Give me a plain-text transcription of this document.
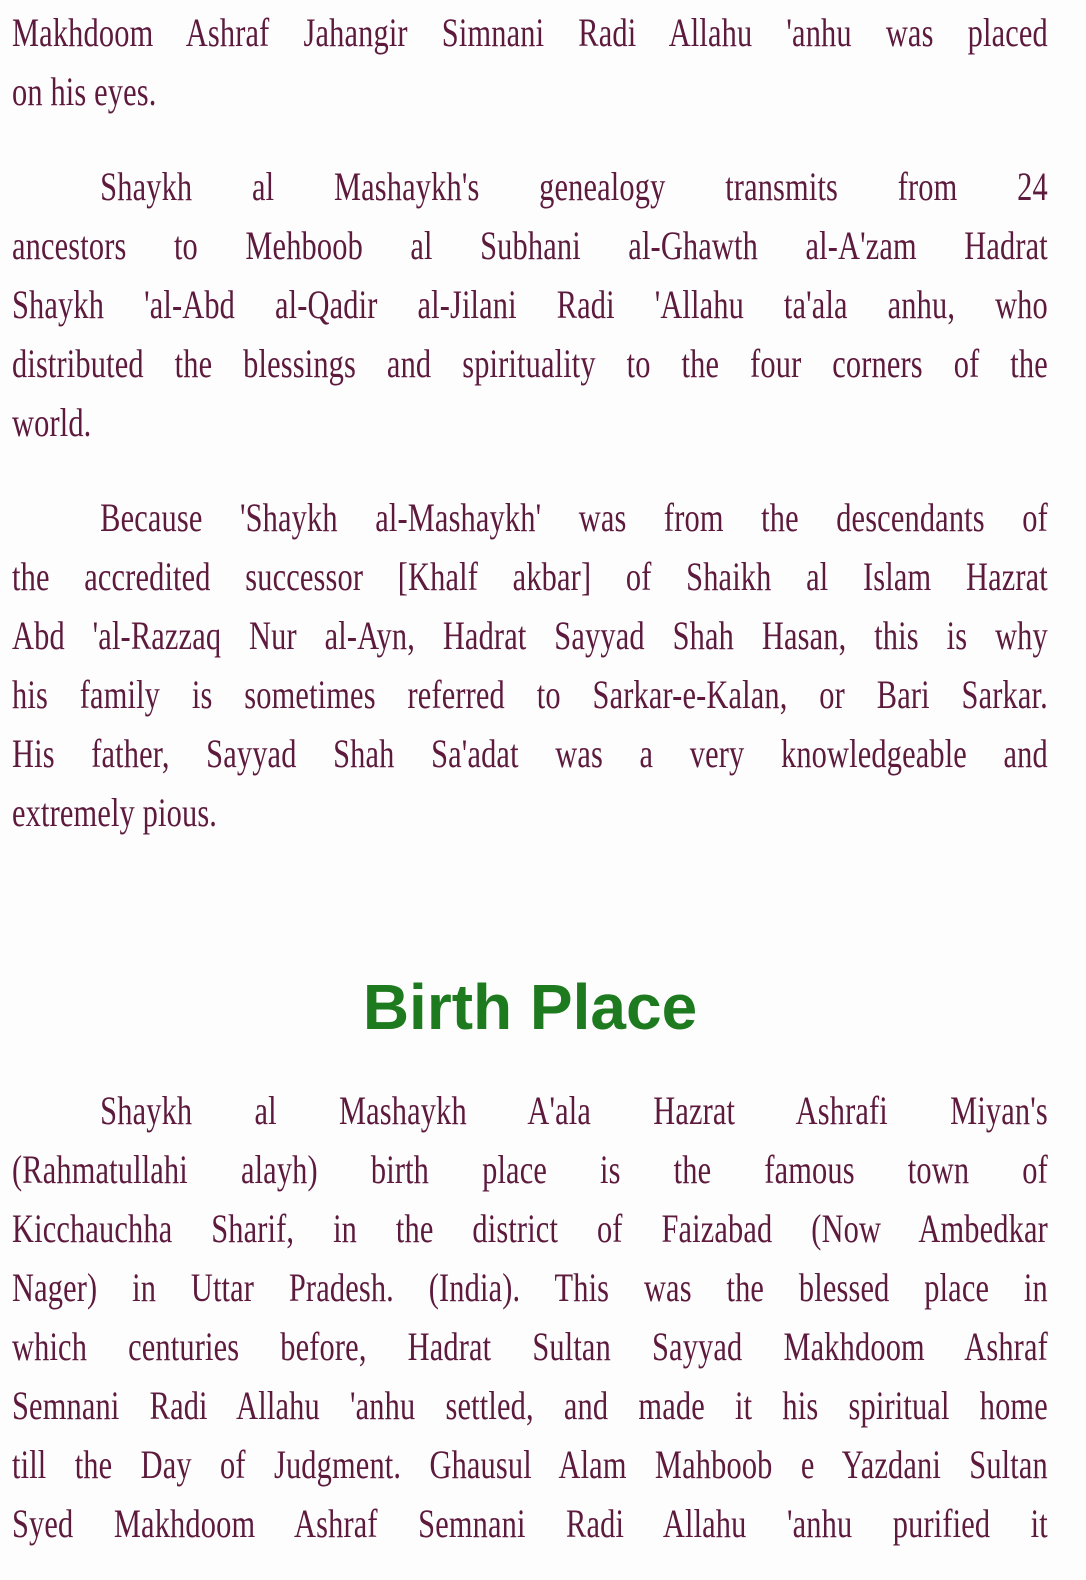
Makhdoom Ashraf Jahangir Simnani Radi Allahu 'anhu was placed
on his eyes.
Shaykh al Mashaykh's genealogy transmits from 24
ancestors to Mehboob al Subhani al-Ghawth al-A'zam Hadrat
Shaykh 'al-Abd al-Qadir al-Jilani Radi 'Allahu ta'ala anhu, who
distributed the blessings and spirituality to the four corners of the
world.
Because 'Shaykh al-Mashaykh' was from the descendants of
the accredited successor [Khalf akbar] of Shaikh al Islam Hazrat
Abd 'al-Razzaq Nur al-Ayn, Hadrat Sayyad Shah Hasan, this is why
his family is sometimes referred to Sarkar-e-Kalan, or Bari Sarkar.
His father, Sayyad Shah Sa'adat was a very knowledgeable and
extremely pious.
Birth Place
Shaykh al Mashaykh A'ala Hazrat Ashrafi Miyan's
(Rahmatullahi alayh) birth place is the famous town of
Kicchauchha Sharif, in the district of Faizabad (Now Ambedkar
Nager) in Uttar Pradesh. (India). This was the blessed place in
which centuries before, Hadrat Sultan Sayyad Makhdoom Ashraf
Semnani Radi Allahu 'anhu settled, and made it his spiritual home
till the Day of Judgment. Ghausul Alam Mahboob e Yazdani Sultan
Syed Makhdoom Ashraf Semnani Radi Allahu 'anhu purified it
